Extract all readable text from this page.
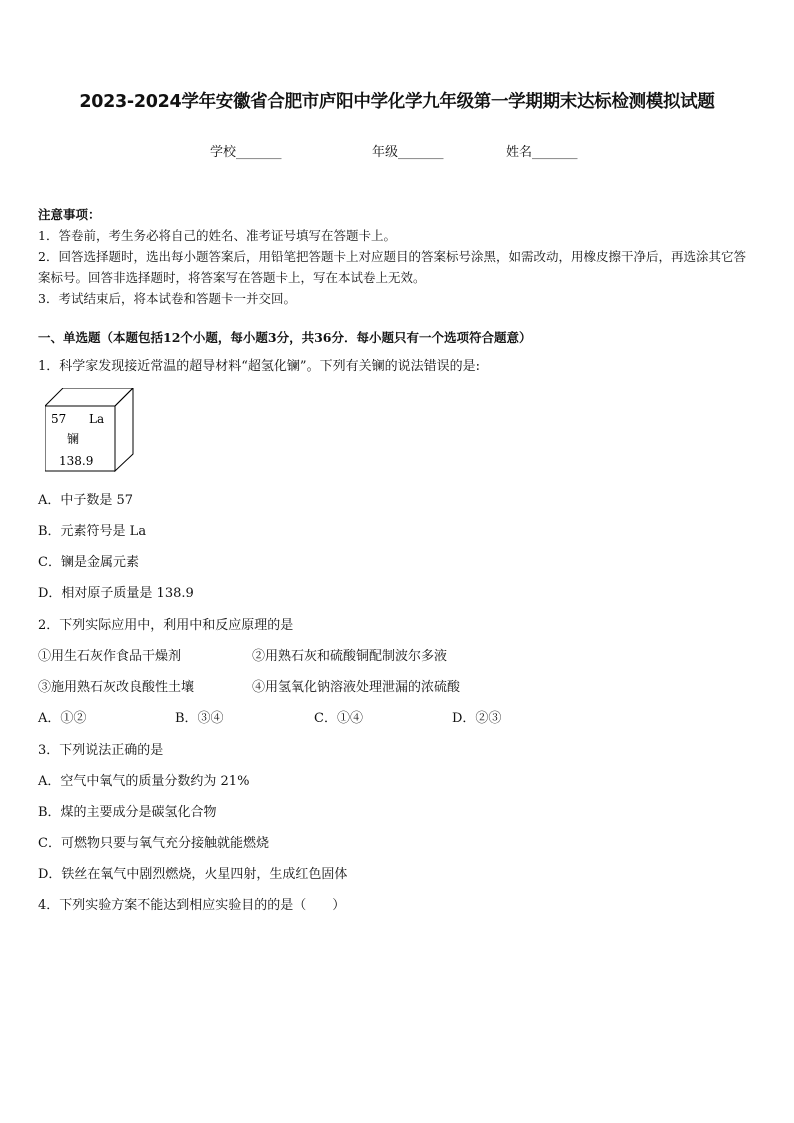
2023-2024学年安徽省合肥市庐阳中学化学九年级第一学期期末达标检测模拟试题
学校_______	年级_______	姓名_______
注意事项：
1．答卷前，考生务必将自己的姓名、准考证号填写在答题卡上。
2．回答选择题时，选出每小题答案后，用铅笔把答题卡上对应题目的答案标号涂黑，如需改动，用橡皮擦干净后，再选涂其它答案标号。回答非选择题时，将答案写在答题卡上，写在本试卷上无效。
3．考试结束后，将本试卷和答题卡一并交回。
一、单选题（本题包括12个小题，每小题3分，共36分．每小题只有一个选项符合题意）
1．科学家发现接近常温的超导材料“超氢化镧”。下列有关镧的说法错误的是:
57 La
镧
138.9
A．中子数是 57
B．元素符号是 La
C．镧是金属元素
D．相对原子质量是 138.9
2．下列实际应用中，利用中和反应原理的是
①用生石灰作食品干燥剂	②用熟石灰和硫酸铜配制波尔多液
③施用熟石灰改良酸性土壤	④用氢氧化钠溶液处理泄漏的浓硫酸
A．①②	B．③④	C．①④	D．②③
3．下列说法正确的是
A．空气中氧气的质量分数约为 21%
B．煤的主要成分是碳氢化合物
C．可燃物只要与氧气充分接触就能燃烧
D．铁丝在氧气中剧烈燃烧，火星四射，生成红色固体
4．下列实验方案不能达到相应实验目的的是（　　）
